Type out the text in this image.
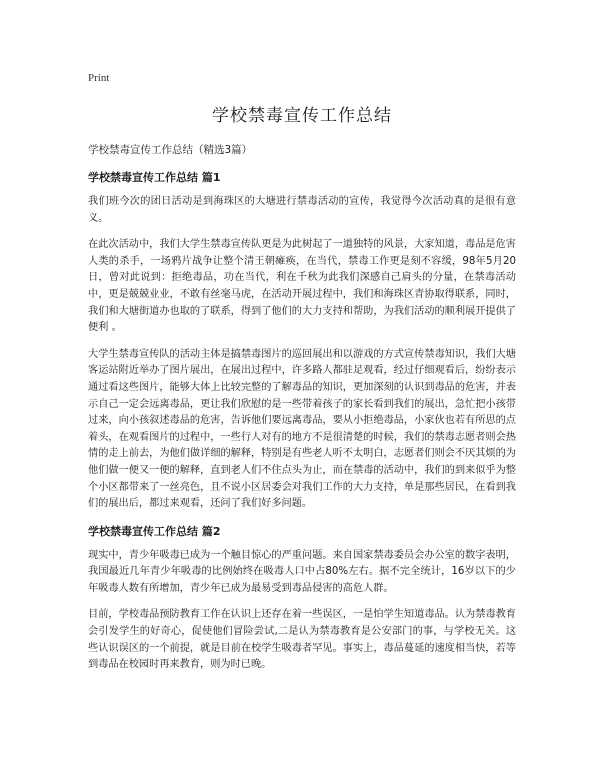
Print
学校禁毒宣传工作总结

学校禁毒宣传工作总结（精选3篇）

学校禁毒宣传工作总结 篇1

我们班今次的团日活动是到海珠区的大塘进行禁毒活动的宣传，我觉得今次活动真的是很有意义。

在此次活动中，我们大学生禁毒宣传队更是为此树起了一道独特的风景，大家知道，毒品是危害人类的杀手，一场鸦片战争让整个清王朝瘫痪，在当代，禁毒工作更是刻不容缓，98年5月20日，曾对此说到：拒绝毒品，功在当代，利在千秋为此我们深感自己肩头的分量，在禁毒活动中，更是兢兢业业，不敢有丝毫马虎，在活动开展过程中，我们和海珠区青协取得联系，同时，我们和大塘街道办也取的了联系，得到了他们的大力支持和帮助，为我们活动的顺利展开提供了便利 。

大学生禁毒宣传队的活动主体是搞禁毒图片的巡回展出和以游戏的方式宣传禁毒知识，我们大塘客运站附近举办了图片展出，在展出过程中，许多路人都驻足观看，经过仔细观看后，纷纷表示通过看这些图片，能够大体上比较完整的了解毒品的知识，更加深刻的认识到毒品的危害，并表示自己一定会远离毒品，更让我们欣慰的是一些带着孩子的家长看到我们的展出，急忙把小孩带过来，向小孩叙述毒品的危害，告诉他们要远离毒品，要从小拒绝毒品，小家伙也若有所思的点着头，在观看图片的过程中，一些行人对有的地方不是很清楚的时候，我们的禁毒志愿者则会热情的走上前去，为他们做详细的解释，特别是有些老人听不太明白，志愿者们则会不厌其烦的为他们做一便又一便的解释，直到老人们不住点头为止，而在禁毒的活动中，我们的到来似乎为整个小区都带来了一丝亮色，且不说小区居委会对我们工作的大力支持，单是那些居民，在看到我们的展出后，都过来观看，还问了我们好多问题。

学校禁毒宣传工作总结 篇2

现实中，青少年吸毒已成为一个触目惊心的严重问题。来自国家禁毒委员会办公室的数字表明，我国最近几年青少年吸毒的比例始终在吸毒人口中占80%左右。据不完全统计，16岁以下的少年吸毒人数有所增加，青少年已成为最易受到毒品侵害的高危人群。

目前，学校毒品预防教育工作在认识上还存在着一些误区，一是怕学生知道毒品。认为禁毒教育会引发学生的好奇心，促使他们冒险尝试,二是认为禁毒教育是公安部门的事，与学校无关。这些认识误区的一个前提，就是目前在校学生吸毒者罕见。事实上，毒品蔓延的速度相当快，若等到毒品在校园时再来教育，则为时已晚。
